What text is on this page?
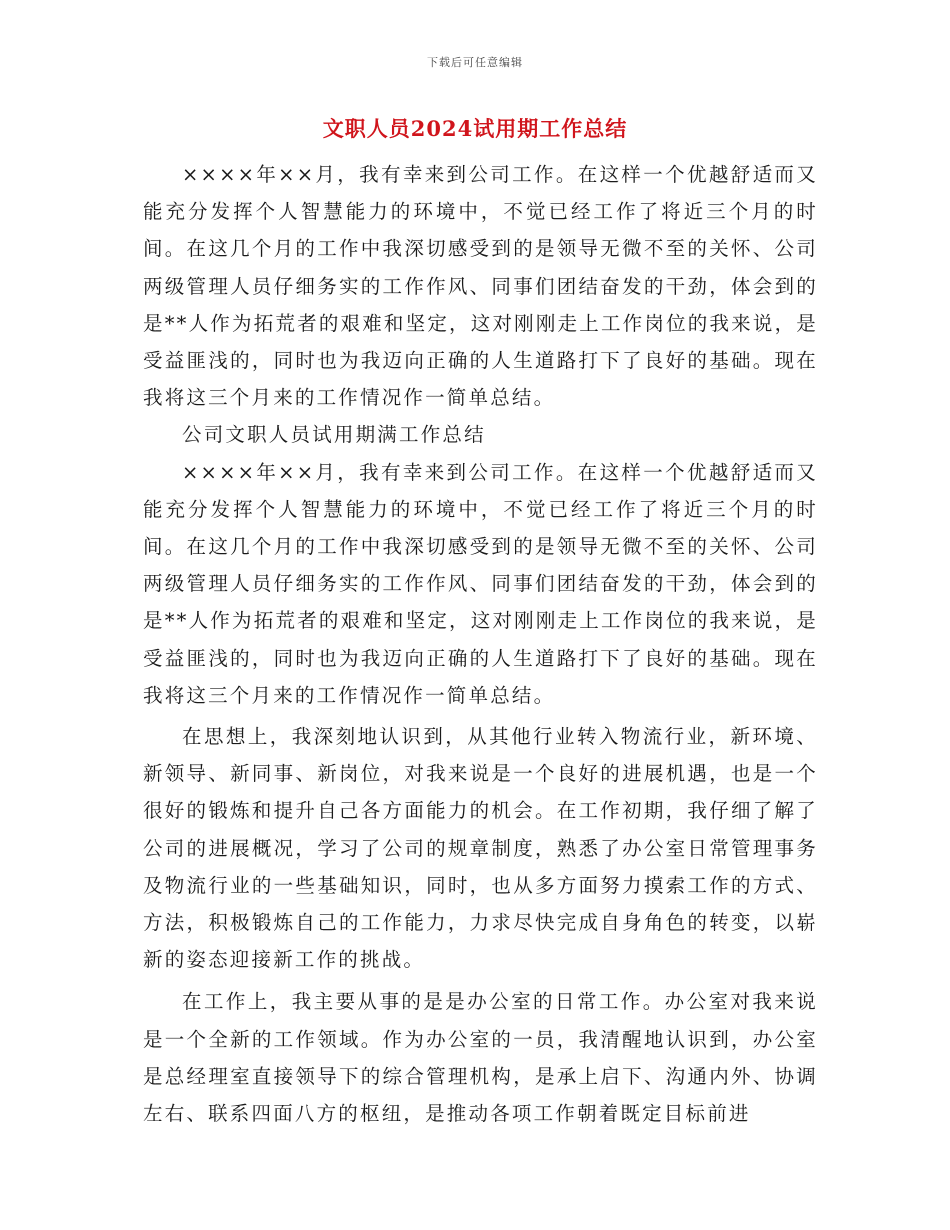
下载后可任意编辑
文职人员2024试用期工作总结

××××年××月，我有幸来到公司工作。在这样一个优越舒适而又能充分发挥个人智慧能力的环境中，不觉已经工作了将近三个月的时间。在这几个月的工作中我深切感受到的是领导无微不至的关怀、公司两级管理人员仔细务实的工作作风、同事们团结奋发的干劲，体会到的是**人作为拓荒者的艰难和坚定，这对刚刚走上工作岗位的我来说，是受益匪浅的，同时也为我迈向正确的人生道路打下了良好的基础。现在我将这三个月来的工作情况作一简单总结。

公司文职人员试用期满工作总结

××××年××月，我有幸来到公司工作。在这样一个优越舒适而又能充分发挥个人智慧能力的环境中，不觉已经工作了将近三个月的时间。在这几个月的工作中我深切感受到的是领导无微不至的关怀、公司两级管理人员仔细务实的工作作风、同事们团结奋发的干劲，体会到的是**人作为拓荒者的艰难和坚定，这对刚刚走上工作岗位的我来说，是受益匪浅的，同时也为我迈向正确的人生道路打下了良好的基础。现在我将这三个月来的工作情况作一简单总结。

在思想上，我深刻地认识到，从其他行业转入物流行业，新环境、新领导、新同事、新岗位，对我来说是一个良好的进展机遇，也是一个很好的锻炼和提升自己各方面能力的机会。在工作初期，我仔细了解了公司的进展概况，学习了公司的规章制度，熟悉了办公室日常管理事务及物流行业的一些基础知识，同时，也从多方面努力摸索工作的方式、方法，积极锻炼自己的工作能力，力求尽快完成自身角色的转变，以崭新的姿态迎接新工作的挑战。

在工作上，我主要从事的是是办公室的日常工作。办公室对我来说是一个全新的工作领域。作为办公室的一员，我清醒地认识到，办公室是总经理室直接领导下的综合管理机构，是承上启下、沟通内外、协调左右、联系四面八方的枢纽，是推动各项工作朝着既定目标前进
